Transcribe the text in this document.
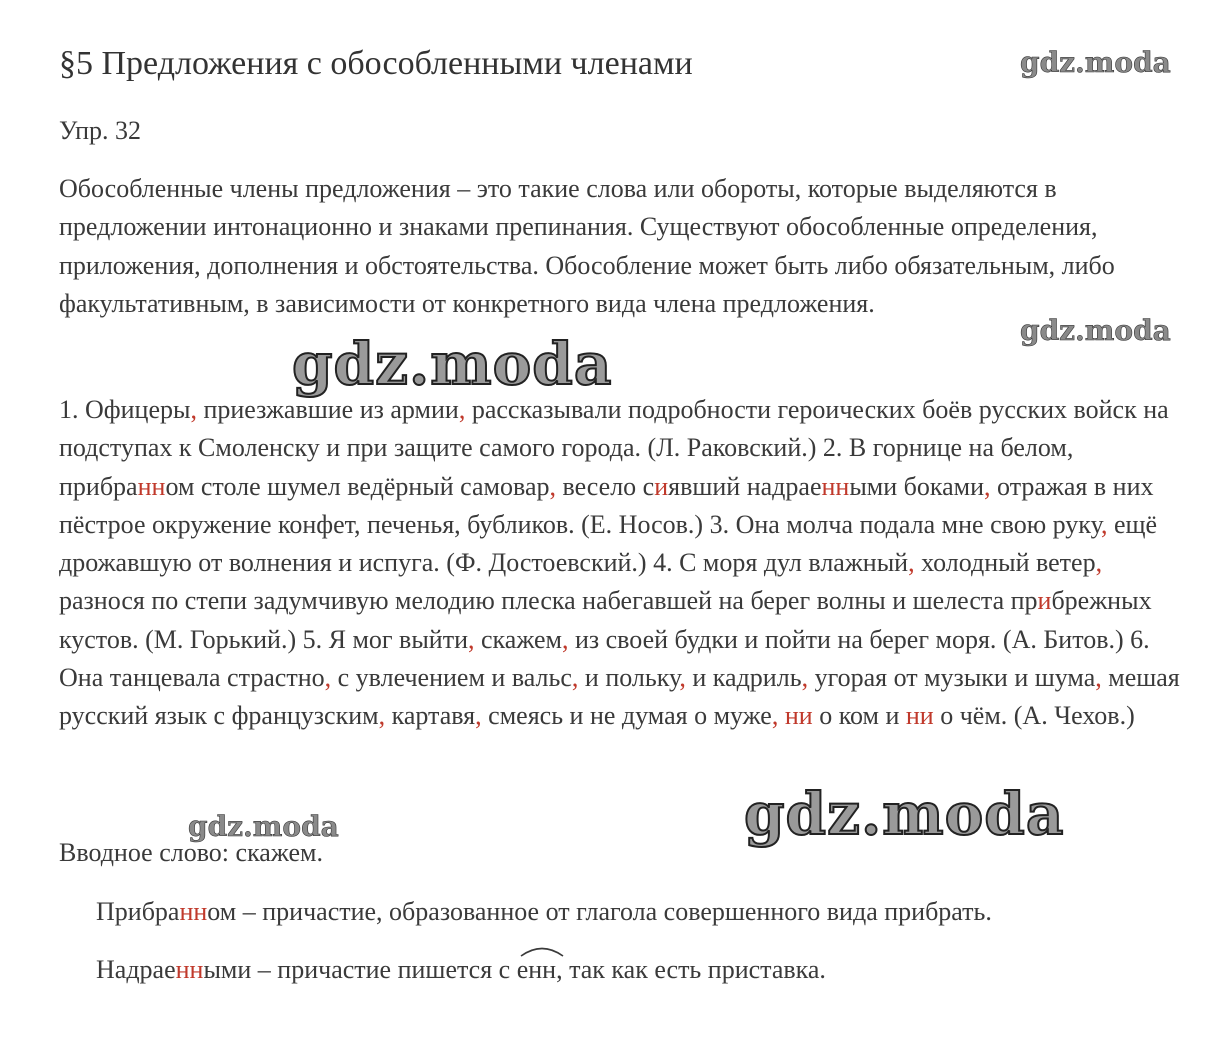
§5 Предложения с обособленными членами	gdz.moda
Упр. 32

Обособленные члены предложения – это такие слова или обороты, которые выделяются в предложении интонационно и знаками препинания. Существуют обособленные определения, приложения, дополнения и обстоятельства. Обособление может быть либо обязательным, либо факультативным, в зависимости от конкретного вида члена предложения.

gdz.moda
gdz.moda

1. Офицеры, приезжавшие из армии, рассказывали подробности героических боёв русских войск на подступах к Смоленску и при защите самого города. (Л. Раковский.) 2. В горнице на белом, прибранном столе шумел ведёрный самовар, весело сиявший надраенными боками, отражая в них пёстрое окружение конфет, печенья, бубликов. (Е. Носов.) 3. Она молча подала мне свою руку, ещё дрожавшую от волнения и испуга. (Ф. Достоевский.) 4. С моря дул влажный, холодный ветер, разнося по степи задумчивую мелодию плеска набегавшей на берег волны и шелеста прибрежных кустов. (М. Горький.) 5. Я мог выйти, скажем, из своей будки и пойти на берег моря. (А. Битов.) 6. Она танцевала страстно, с увлечением и вальс, и польку, и кадриль, угорая от музыки и шума, мешая русский язык с французским, картавя, смеясь и не думая о муже, ни о ком и ни о чём. (А. Чехов.)

gdz.moda	gdz.moda
Вводное слово: скажем.
Прибранном – причастие, образованное от глагола совершенного вида прибрать.
Надраенными – причастие пишется с
енн, так как есть приставка.
